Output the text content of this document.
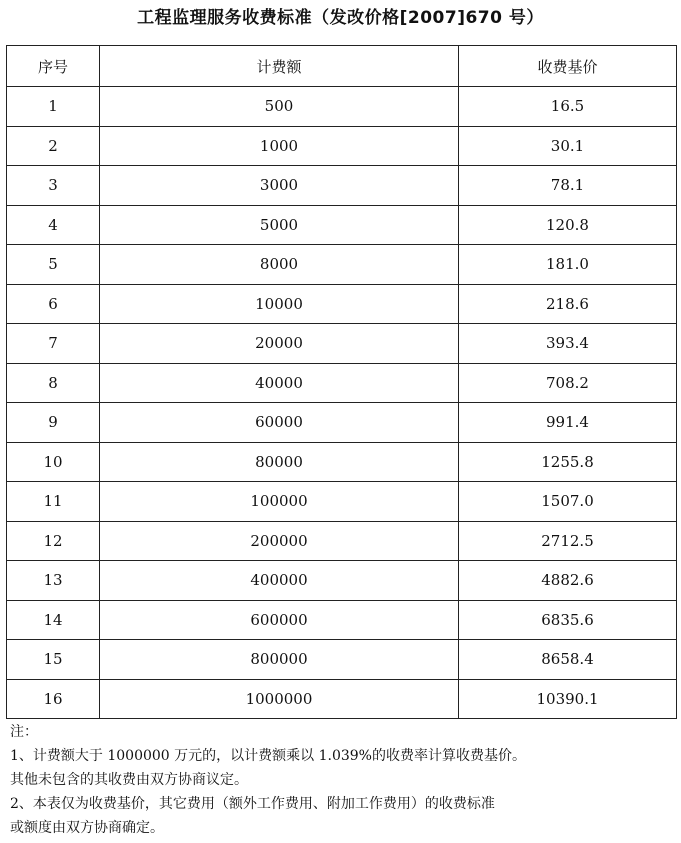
工程监理服务收费标准（发改价格[2007]670 号）
序号	计费额	收费基价
1	500	16.5
2	1000	30.1
3	3000	78.1
4	5000	120.8
5	8000	181.0
6	10000	218.6
7	20000	393.4
8	40000	708.2
9	60000	991.4
10	80000	1255.8
11	100000	1507.0
12	200000	2712.5
13	400000	4882.6
14	600000	6835.6
15	800000	8658.4
16	1000000	10390.1

注：

1、计费额大于 1000000 万元的，以计费额乘以 1.039%的收费率计算收费基价。

其他未包含的其收费由双方协商议定。

2、本表仅为收费基价，其它费用（额外工作费用、附加工作费用）的收费标准

或额度由双方协商确定。
